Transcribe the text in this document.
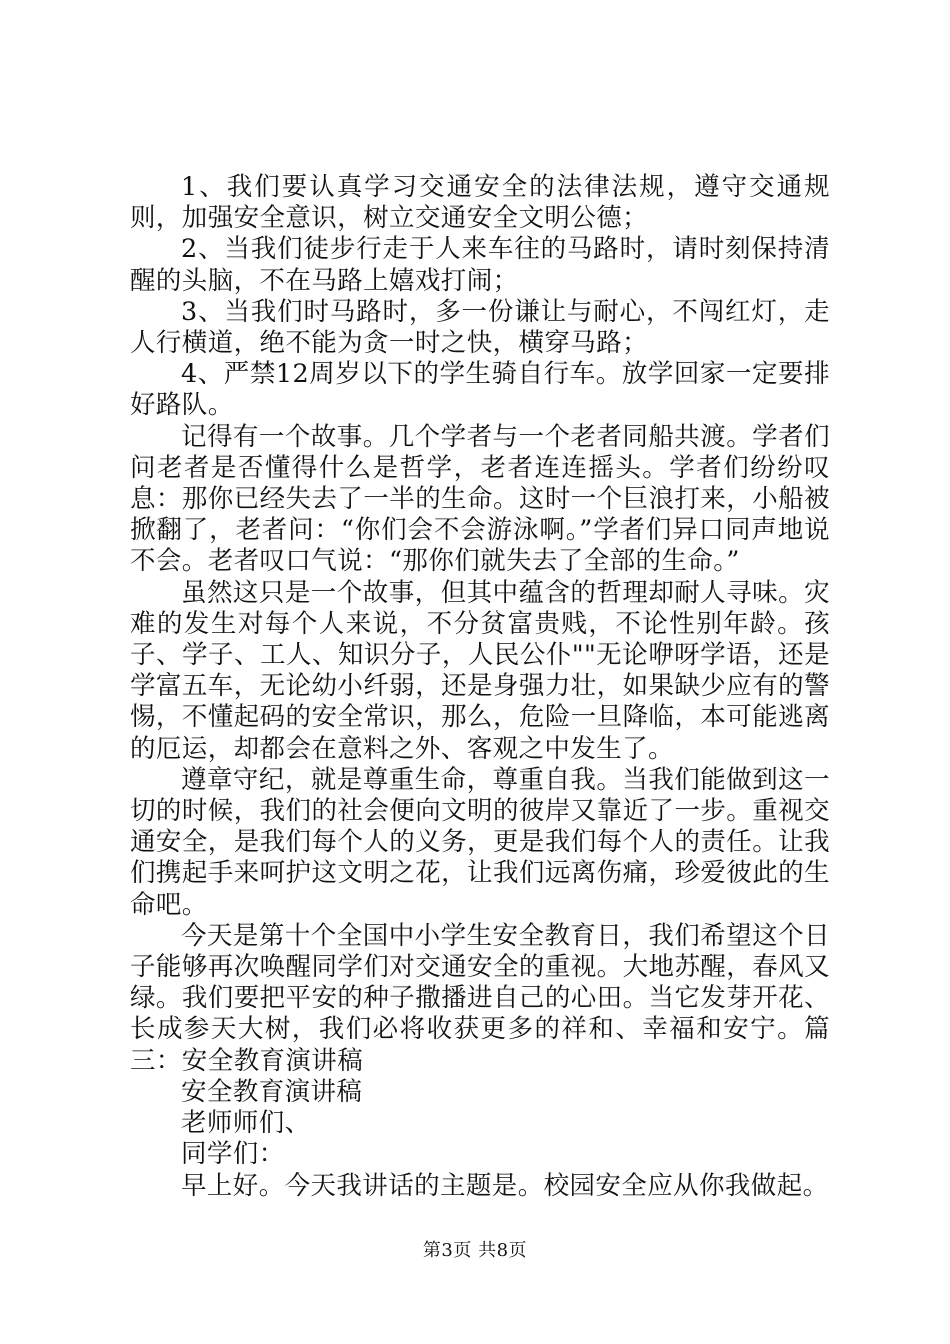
1、我们要认真学习交通安全的法律法规，遵守交通规则，加强安全意识，树立交通安全文明公德；

2、当我们徒步行走于人来车往的马路时，请时刻保持清醒的头脑，不在马路上嬉戏打闹；

3、当我们时马路时，多一份谦让与耐心，不闯红灯，走人行横道，绝不能为贪一时之快，横穿马路；

4、严禁12周岁以下的学生骑自行车。放学回家一定要排好路队。

记得有一个故事。几个学者与一个老者同船共渡。学者们问老者是否懂得什么是哲学，老者连连摇头。学者们纷纷叹息：那你已经失去了一半的生命。这时一个巨浪打来，小船被掀翻了，老者问：“你们会不会游泳啊。”学者们异口同声地说不会。老者叹口气说：“那你们就失去了全部的生命。”

虽然这只是一个故事，但其中蕴含的哲理却耐人寻味。灾难的发生对每个人来说，不分贫富贵贱，不论性别年龄。孩子、学子、工人、知识分子，人民公仆""无论咿呀学语，还是学富五车，无论幼小纤弱，还是身强力壮，如果缺少应有的警惕，不懂起码的安全常识，那么，危险一旦降临，本可能逃离的厄运，却都会在意料之外、客观之中发生了。

遵章守纪，就是尊重生命，尊重自我。当我们能做到这一切的时候，我们的社会便向文明的彼岸又靠近了一步。重视交通安全，是我们每个人的义务，更是我们每个人的责任。让我们携起手来呵护这文明之花，让我们远离伤痛，珍爱彼此的生命吧。

今天是第十个全国中小学生安全教育日，我们希望这个日子能够再次唤醒同学们对交通安全的重视。大地苏醒，春风又绿。我们要把平安的种子撒播进自己的心田。当它发芽开花、长成参天大树，我们必将收获更多的祥和、幸福和安宁。篇三：安全教育演讲稿

安全教育演讲稿

老师师们、

同学们：

早上好。今天我讲话的主题是。校园安全应从你我做起。

第3页 共8页
